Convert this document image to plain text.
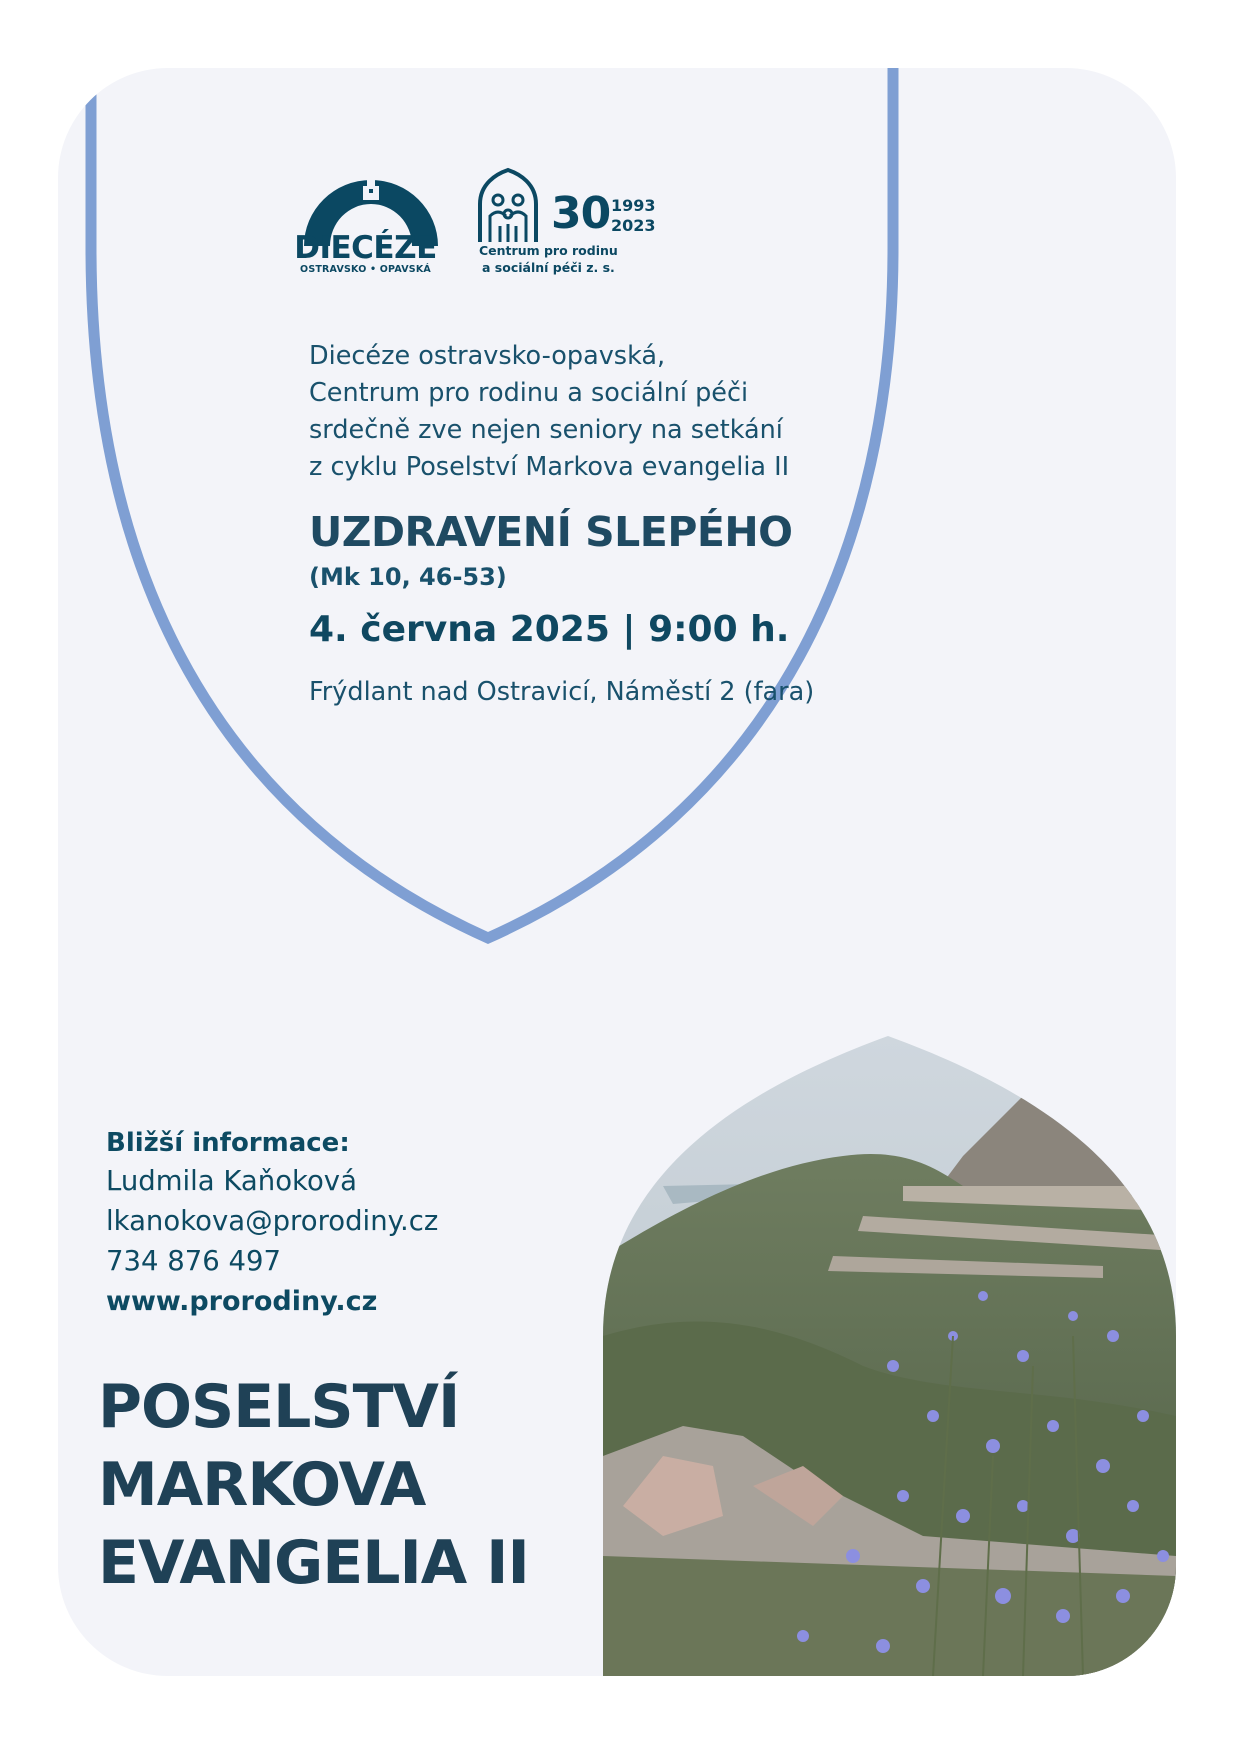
DIECÉZE
OSTRAVSKO • OPAVSKÁ
30 1993
2023
Centrum pro rodinu
a sociální péči z. s.
Diecéze ostravsko-opavská,
Centrum pro rodinu a sociální péči
srdečně zve nejen seniory na setkání
z cyklu Poselství Markova evangelia II
UZDRAVENÍ SLEPÉHO
(Mk 10, 46-53)
4. června 2025 | 9:00 h.
Frýdlant nad Ostravicí, Náměstí 2 (fara)
Bližší informace:
Ludmila Kaňoková
lkanokova@prorodiny.cz
734 876 497
www.prorodiny.cz
POSELSTVÍ
MARKOVA
EVANGELIA II
